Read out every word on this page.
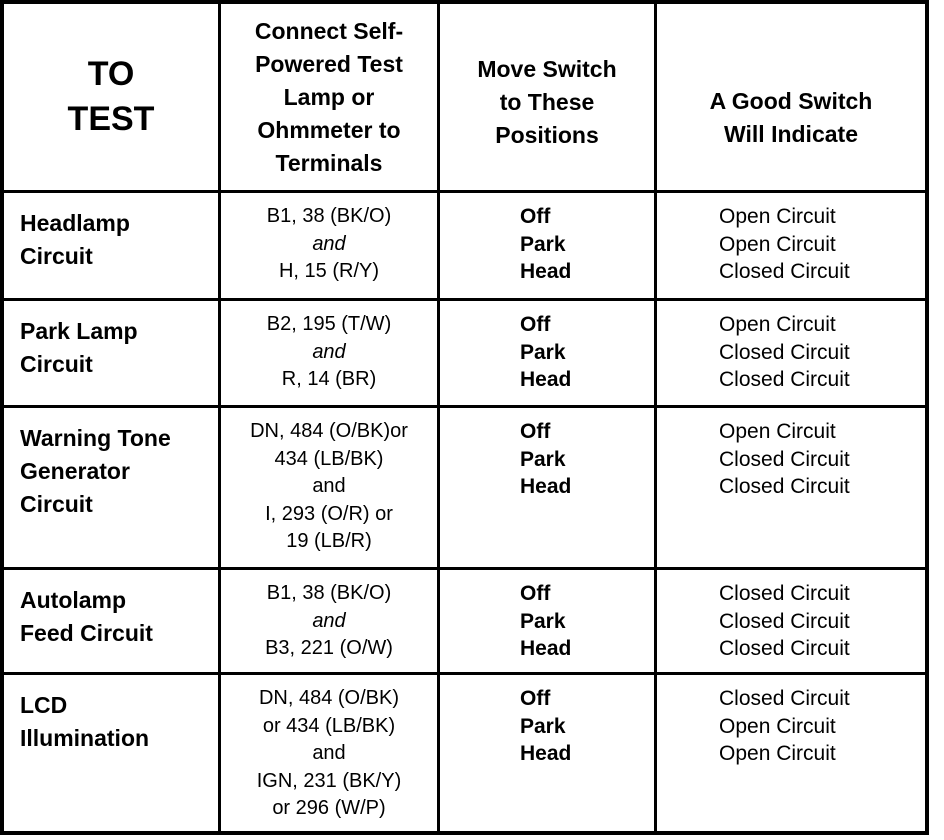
TO
TEST
Connect Self-
Powered Test
Lamp or
Ohmmeter to
Terminals
Move Switch
to These
Positions
A Good Switch
Will Indicate
Headlamp
Circuit
B1, 38 (BK/O)
and
H, 15 (R/Y)
Off
Park
Head
Open Circuit
Open Circuit
Closed Circuit
Park Lamp
Circuit
B2, 195 (T/W)
and
R, 14 (BR)
Off
Park
Head
Open Circuit
Closed Circuit
Closed Circuit
Warning Tone
Generator
Circuit
DN, 484 (O/BK)or
434 (LB/BK)
and
I, 293 (O/R) or
19 (LB/R)
Off
Park
Head
Open Circuit
Closed Circuit
Closed Circuit
Autolamp
Feed Circuit
B1, 38 (BK/O)
and
B3, 221 (O/W)
Off
Park
Head
Closed Circuit
Closed Circuit
Closed Circuit
LCD
Illumination
DN, 484 (O/BK)
or 434 (LB/BK)
and
IGN, 231 (BK/Y)
or 296 (W/P)
Off
Park
Head
Closed Circuit
Open Circuit
Open Circuit
